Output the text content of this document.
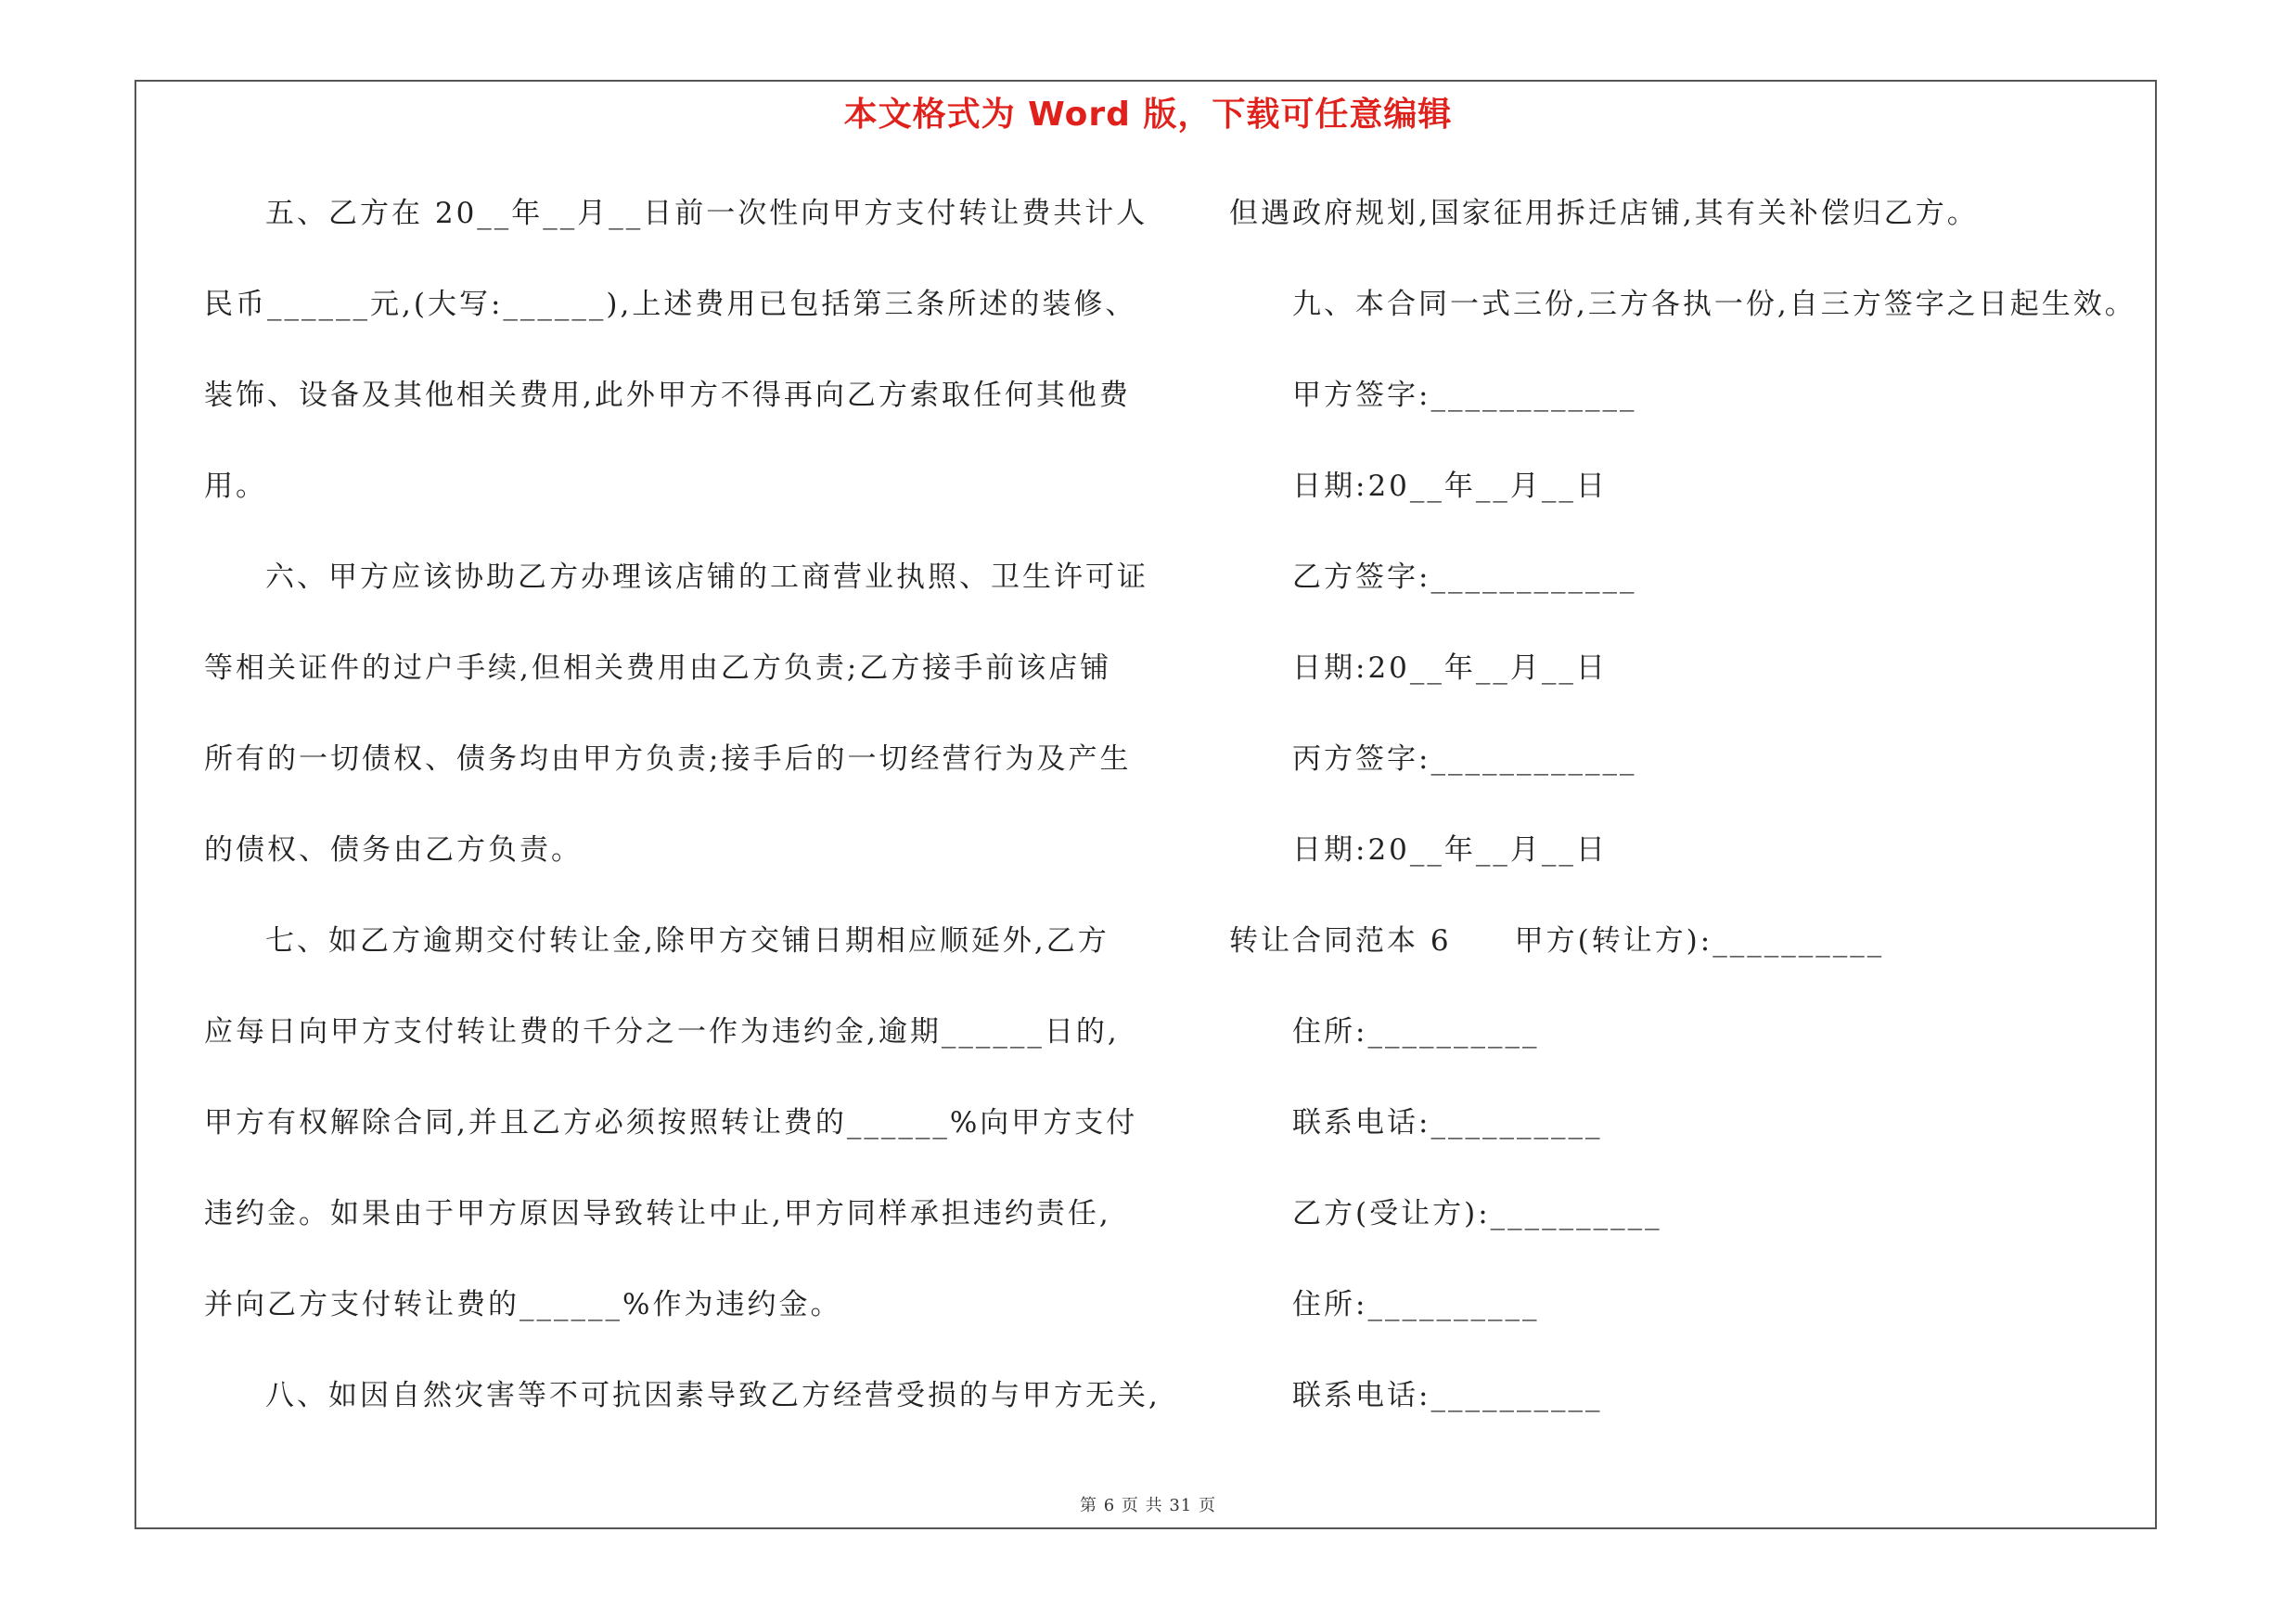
本文格式为 Word 版，下载可任意编辑
五、乙方在 20__年__月__日前一次性向甲方支付转让费共计人
民币______元,(大写:______),上述费用已包括第三条所述的装修、
装饰、设备及其他相关费用,此外甲方不得再向乙方索取任何其他费
用。
六、甲方应该协助乙方办理该店铺的工商营业执照、卫生许可证
等相关证件的过户手续,但相关费用由乙方负责;乙方接手前该店铺
所有的一切债权、债务均由甲方负责;接手后的一切经营行为及产生
的债权、债务由乙方负责。
七、如乙方逾期交付转让金,除甲方交铺日期相应顺延外,乙方
应每日向甲方支付转让费的千分之一作为违约金,逾期______日的,
甲方有权解除合同,并且乙方必须按照转让费的______%向甲方支付
违约金。如果由于甲方原因导致转让中止,甲方同样承担违约责任,
并向乙方支付转让费的______%作为违约金。
八、如因自然灾害等不可抗因素导致乙方经营受损的与甲方无关,
但遇政府规划,国家征用拆迁店铺,其有关补偿归乙方。
九、本合同一式三份,三方各执一份,自三方签字之日起生效。
甲方签字:____________
日期:20__年__月__日
乙方签字:____________
日期:20__年__月__日
丙方签字:____________
日期:20__年__月__日
转让合同范本 6　　甲方(转让方):__________
住所:__________
联系电话:__________
乙方(受让方):__________
住所:__________
联系电话:__________
第 6 页 共 31 页
